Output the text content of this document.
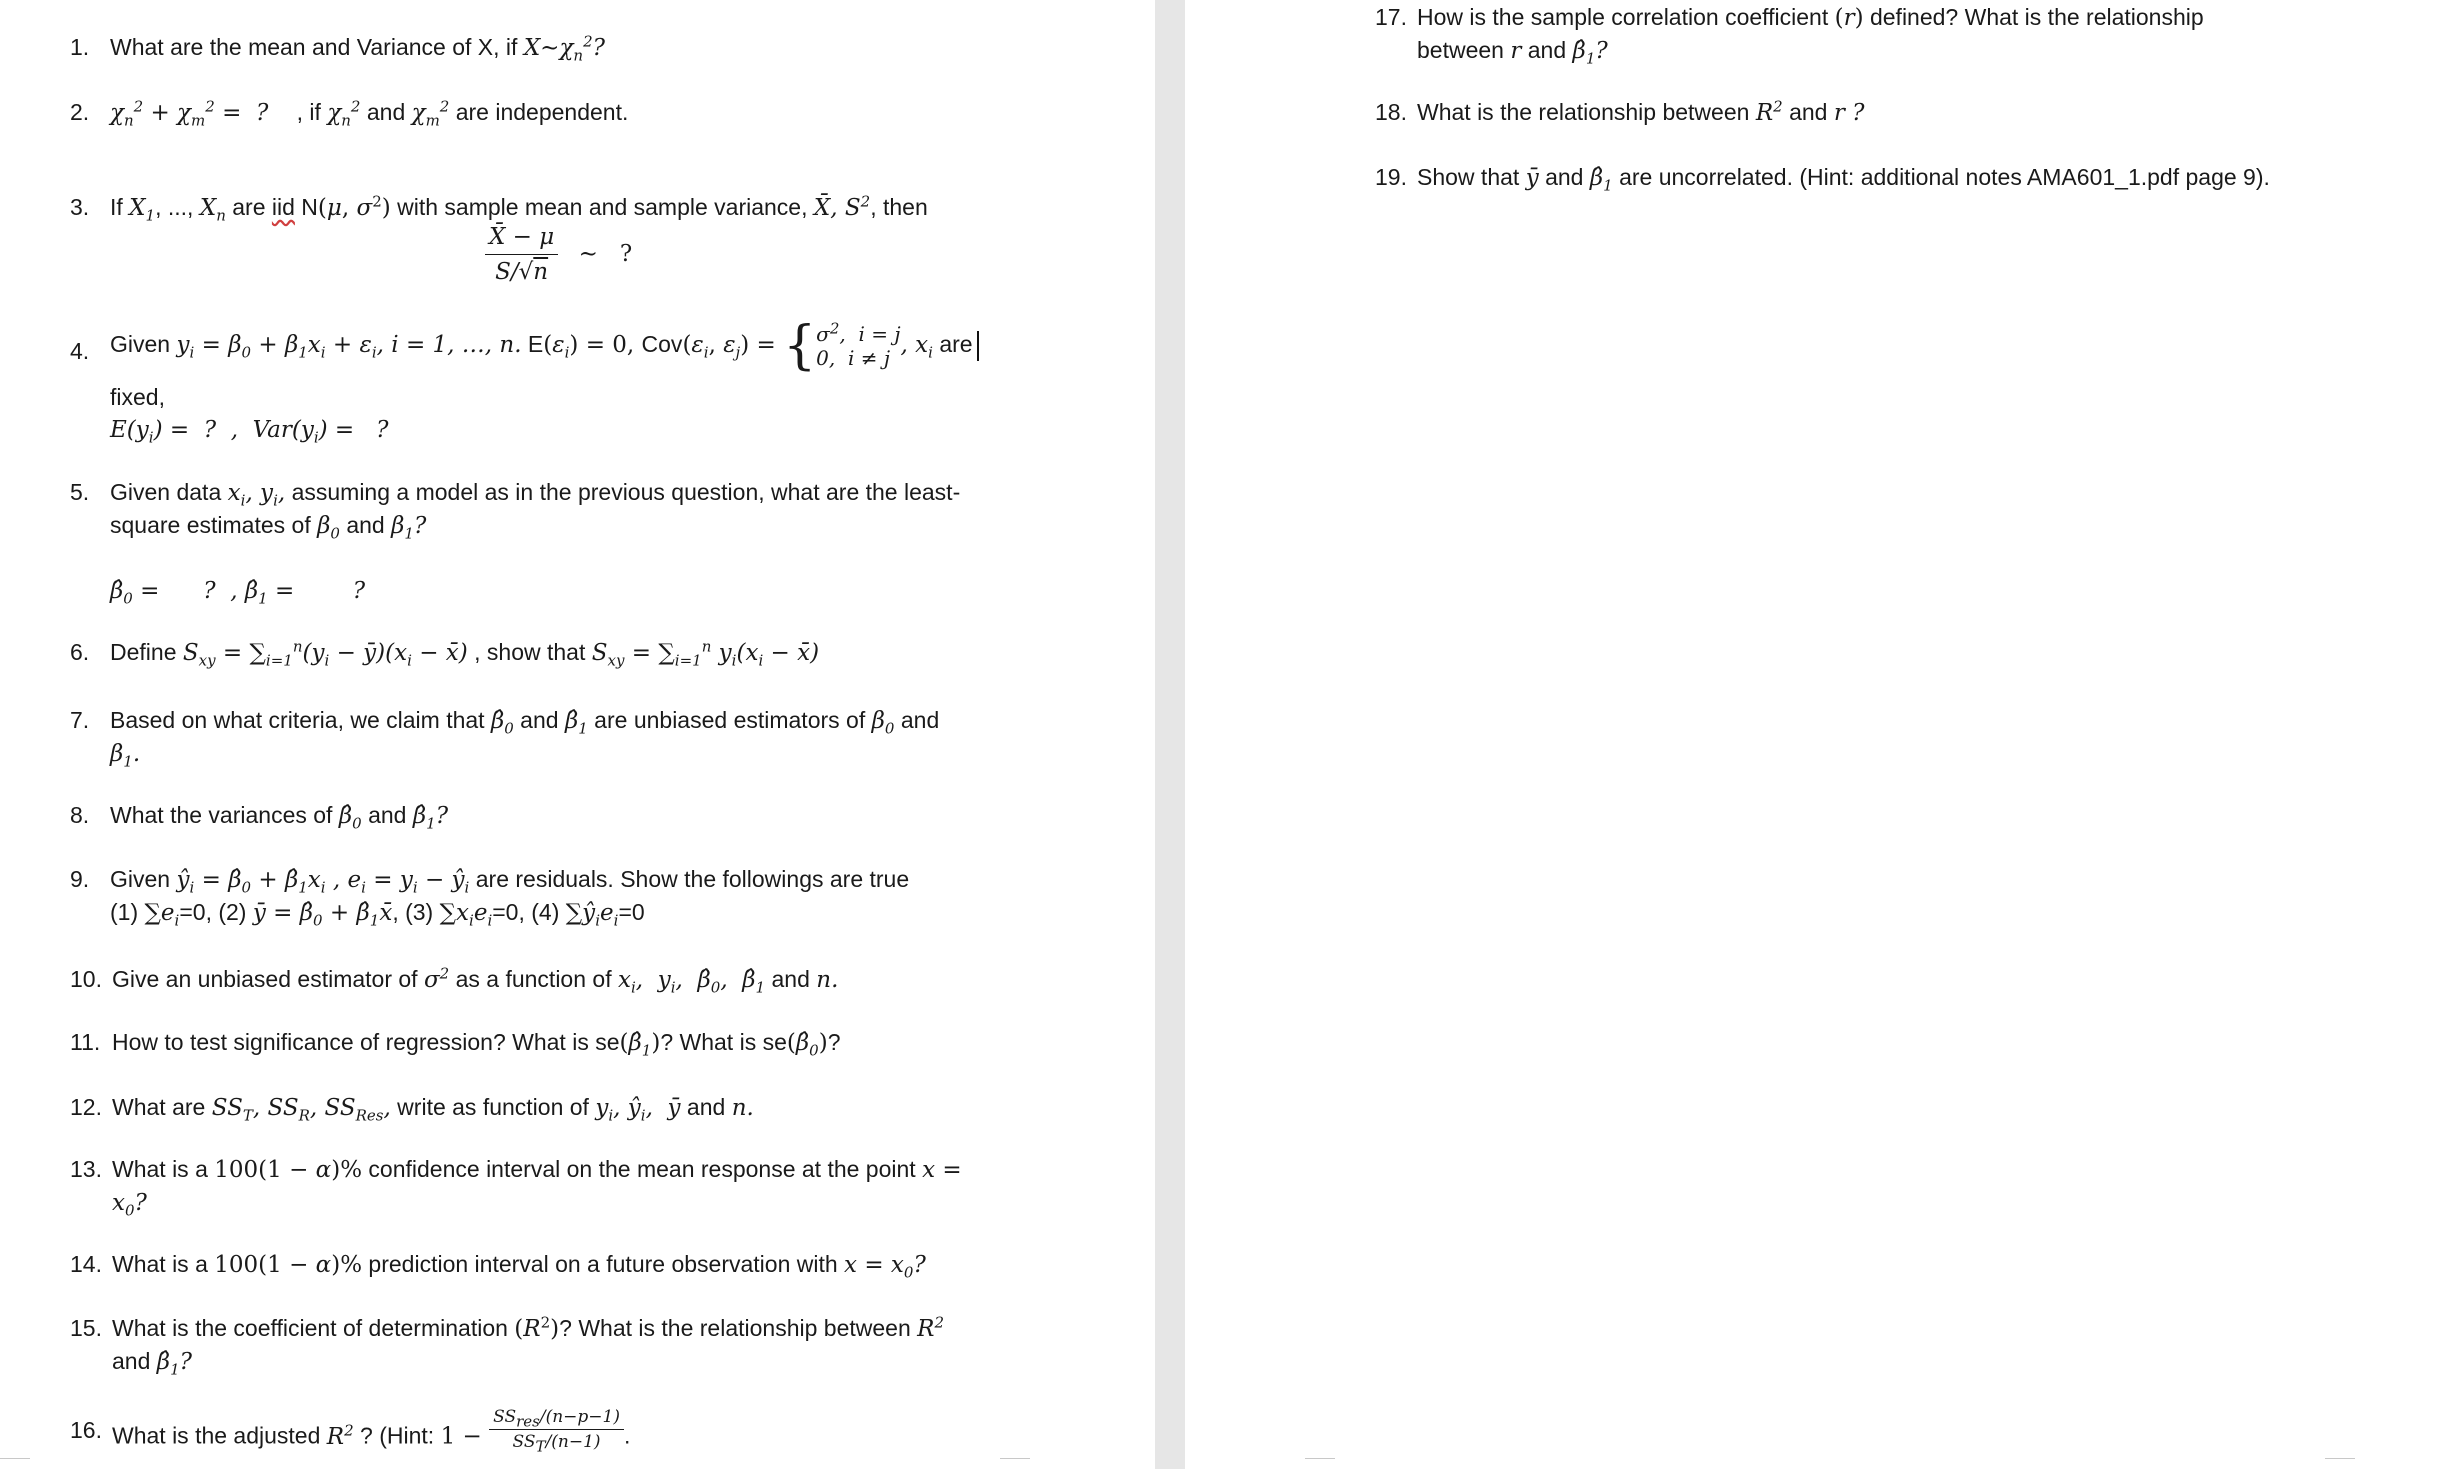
1. What are the mean and Variance of X, if $X\sim\chi_n^2$?
2. $\chi_n^2 + \chi_m^2$ =  ?    , if $\chi_n^2$ and $\chi_m^2$ are independent.
3. If $X_1$, ..., $X_n$ are iid N(μ, $\sigma^2$) with sample mean and sample variance, X̄, $S^2$, then
$\frac{X̄ - \mu}{S/√n}$ ∼   ?
4. Given $y_i = \beta_0 + \beta_1x_i + \varepsilon_i$, i = 1, …, n. $E(\varepsilon_i) = 0$, $Cov(\varepsilon_i$, $\varepsilon_j) = \{\sigma^2$,  i = j
0,  i ≠ j , $x_i$ are
fixed,
$E(y_i)$ =  ?  ,  $Var(y_i)$ =   ?
5. Given data $x_i$, $y_i$, assuming a model as in the previous question, what are the least-
square estimates of $\beta_0$ and $\beta_1$?
$\betâ_0$ =      ?  , $\betâ_1$ =        ?
6. Define $S_{xy} = \sum_{i=1}^n(y_i$ − $ȳ)(x_i$ − x̄) , show that $S_{xy} = \sum_{i=1}^n$ $y_i(x_i$ − x̄)
7. Based on what criteria, we claim that $\betâ_0$ and $\betâ_1$ are unbiased estimators of $\beta_0$ and
$\beta_1$.
8. What the variances of $\betâ_0$ and $\betâ_1$?
9. Given $ŷ_i$ = $\betâ_0$ + $\betâ_1x_i$ , $e_i = y_i$ − $ŷ_i$ are residuals. Show the followings are true
(1) $\sum e_i=0$, (2) ȳ = $\betâ_0$ + $\betâ_1x̄$, (3) $\sum x_ie_i=0$, (4) $\sum ŷ_ie_i=0$
10. Give an unbiased estimator of $\sigma^2$ as a function of $x_i$,  $y_i$,  $\betâ_0$,  $\betâ_1$ and n.
11. How to test significance of regression? What is $se(\betâ_1)$? What is $se(\betâ_0)$?
12. What are $SS_T$, $SS_R$, $SS_{Res}$, write as function of $y_i$, $ŷ_i$,  ȳ and n.
13. What is a 100(1 − α)% confidence interval on the mean response at the point x =
$x_0$?
14. What is a 100(1 − α)% prediction interval on a future observation with $x = x_0$?
15. What is the coefficient of determination $(R^2)$? What is the relationship between $R^2$
and $\betâ_1$?
16. What is the adjusted $R^2$ ? (Hint: $1 - \frac{SS_{res}/(n-p-1)}{SS_T/(n-1)}$ .
17. How is the sample correlation coefficient (r) defined? What is the relationship
between r and $\betâ_1$?
18. What is the relationship between $R^2$ and r ?
19. Show that ȳ and $\betâ_1$ are uncorrelated. (Hint: additional notes AMA601_1.pdf page 9).
